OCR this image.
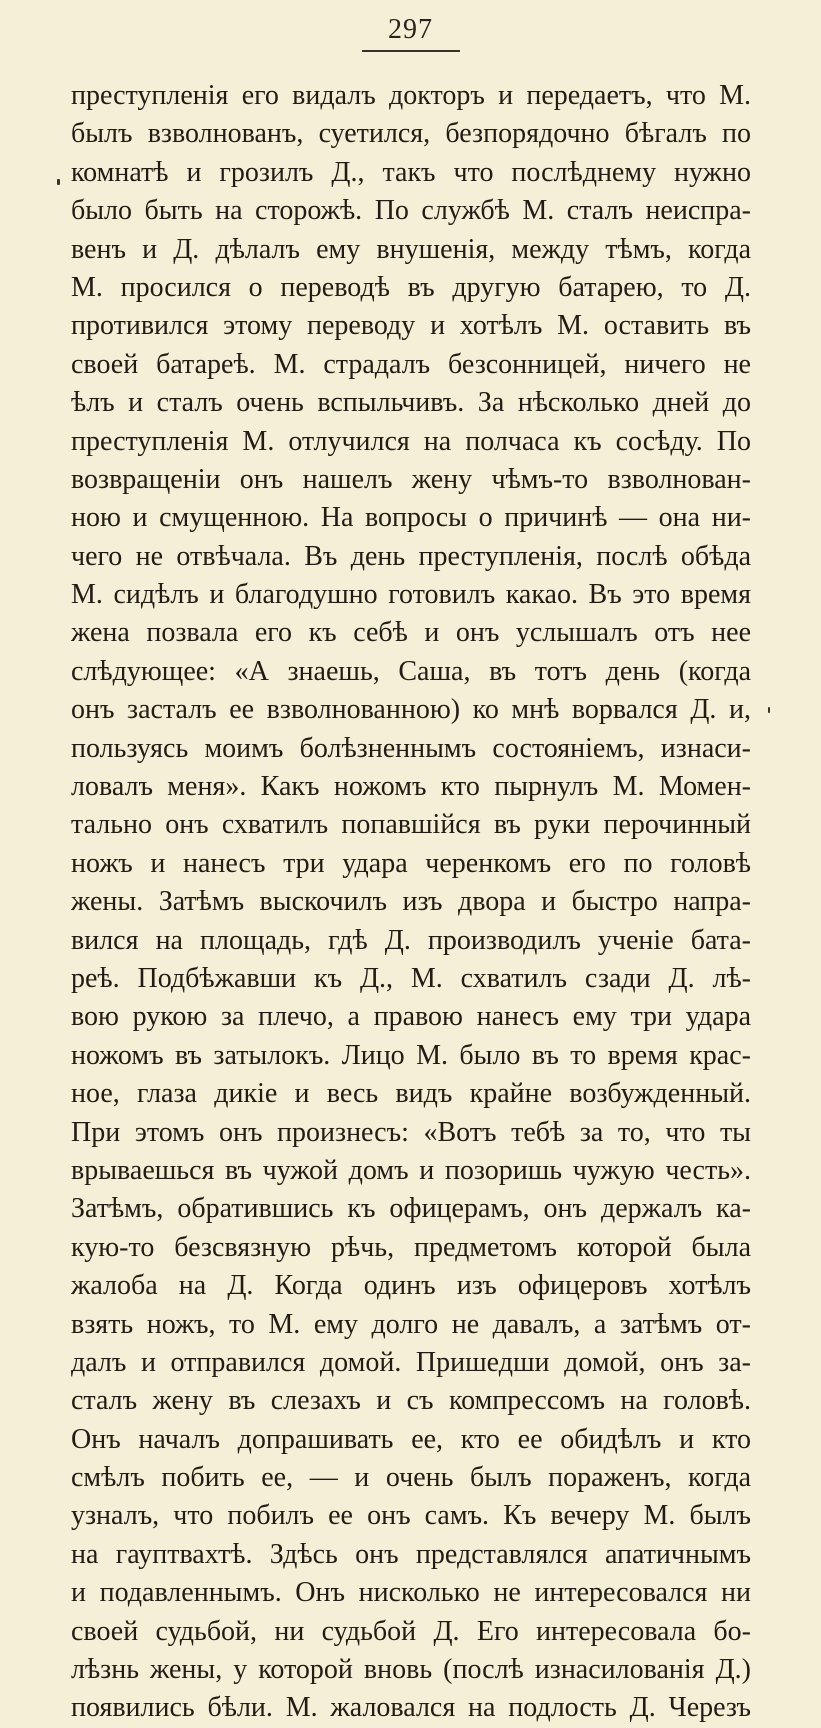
297
преступленія его видалъ докторъ и передаетъ, что М.
былъ взволнованъ, суетился, безпорядочно бѣгалъ по
комнатѣ и грозилъ Д., такъ что послѣднему нужно
было быть на сторожѣ. По службѣ М. сталъ неиспра-
венъ и Д. дѣлалъ ему внушенія, между тѣмъ, когда
М. просился о переводѣ въ другую батарею, то Д.
противился этому переводу и хотѣлъ М. оставить въ
своей батареѣ. М. страдалъ безсонницей, ничего не
ѣлъ и сталъ очень вспыльчивъ. За нѣсколько дней до
преступленія М. отлучился на полчаса къ сосѣду. По
возвращеніи онъ нашелъ жену чѣмъ-то взволнован-
ною и смущенною. На вопросы о причинѣ — она ни-
чего не отвѣчала. Въ день преступленія, послѣ обѣда
М. сидѣлъ и благодушно готовилъ какао. Въ это время
жена позвала его къ себѣ и онъ услышалъ отъ нее
слѣдующее: «А знаешь, Саша, въ тотъ день (когда
онъ засталъ ее взволнованною) ко мнѣ ворвался Д. и,
пользуясь моимъ болѣзненнымъ состояніемъ, изнаси-
ловалъ меня». Какъ ножомъ кто пырнулъ М. Момен-
тально онъ схватилъ попавшійся въ руки перочинный
ножъ и нанесъ три удара черенкомъ его по головѣ
жены. Затѣмъ выскочилъ изъ двора и быстро напра-
вился на площадь, гдѣ Д. производилъ ученіе бата-
реѣ. Подбѣжавши къ Д., М. схватилъ сзади Д. лѣ-
вою рукою за плечо, а правою нанесъ ему три удара
ножомъ въ затылокъ. Лицо М. было въ то время крас-
ное, глаза дикіе и весь видъ крайне возбужденный.
При этомъ онъ произнесъ: «Вотъ тебѣ за то, что ты
врываешься въ чужой домъ и позоришь чужую честь».
Затѣмъ, обратившись къ офицерамъ, онъ держалъ ка-
кую-то безсвязную рѣчь, предметомъ которой была
жалоба на Д. Когда одинъ изъ офицеровъ хотѣлъ
взять ножъ, то М. ему долго не давалъ, а затѣмъ от-
далъ и отправился домой. Пришедши домой, онъ за-
сталъ жену въ слезахъ и съ компрессомъ на головѣ.
Онъ началъ допрашивать ее, кто ее обидѣлъ и кто
смѣлъ побить ее, — и очень былъ пораженъ, когда
узналъ, что побилъ ее онъ самъ. Къ вечеру М. былъ
на гауптвахтѣ. Здѣсь онъ представлялся апатичнымъ
и подавленнымъ. Онъ нисколько не интересовался ни
своей судьбой, ни судьбой Д. Его интересовала бо-
лѣзнь жены, у которой вновь (послѣ изнасилованія Д.)
появились бѣли. М. жаловался на подлость Д. Черезъ
